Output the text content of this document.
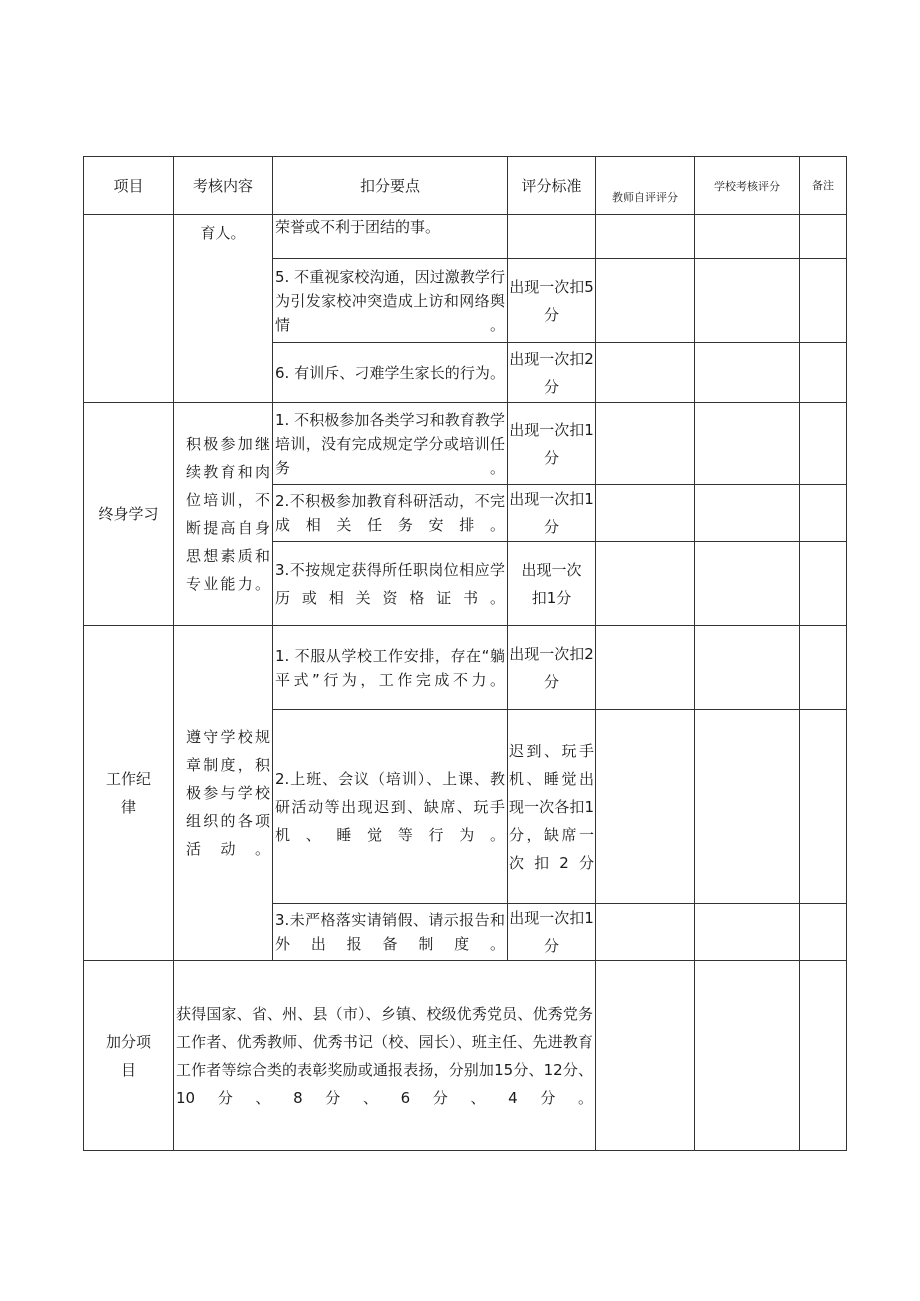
项目	考核内容	扣分要点	评分标准	教师自评评分	学校考核评分	备注
	育人。	荣誉或不利于团结的事。				
		5. 不重视家校沟通，因过激教学行为引发家校冲突造成上访和网络舆情。	出现一次扣5分			
		6. 有训斥、刁难学生家长的行为。	出现一次扣2分			
终身学习	积极参加继续教育和肉位培训，不断提高自身思想素质和专业能力。	1. 不积极参加各类学习和教育教学培训，没有完成规定学分或培训任务。	出现一次扣1分			
		2.不积极参加教育科研活动，不完成相关任务安排。	出现一次扣1分			
		3.不按规定获得所任职岗位相应学历或相关资格证书。	出现一次扣1分			
工作纪律	遵守学校规章制度，积极参与学校组织的各项活动。	1. 不服从学校工作安排，存在“躺平式”行为，工作完成不力。	出现一次扣2分			
		2.上班、会议（培训）、上课、教研活动等出现迟到、缺席、玩手机、睡觉等行为。	迟到、玩手机、睡觉出现一次各扣1分，缺席一次扣2分			
		3.未严格落实请销假、请示报告和外出报备制度。	出现一次扣1分			
加分项目	获得国家、省、州、县（市）、乡镇、校级优秀党员、优秀党务工作者、优秀教师、优秀书记（校、园长）、班主任、先进教育工作者等综合类的表彰奖励或通报表扬，分别加15分、12分、10分、8分、6分、4分。					
